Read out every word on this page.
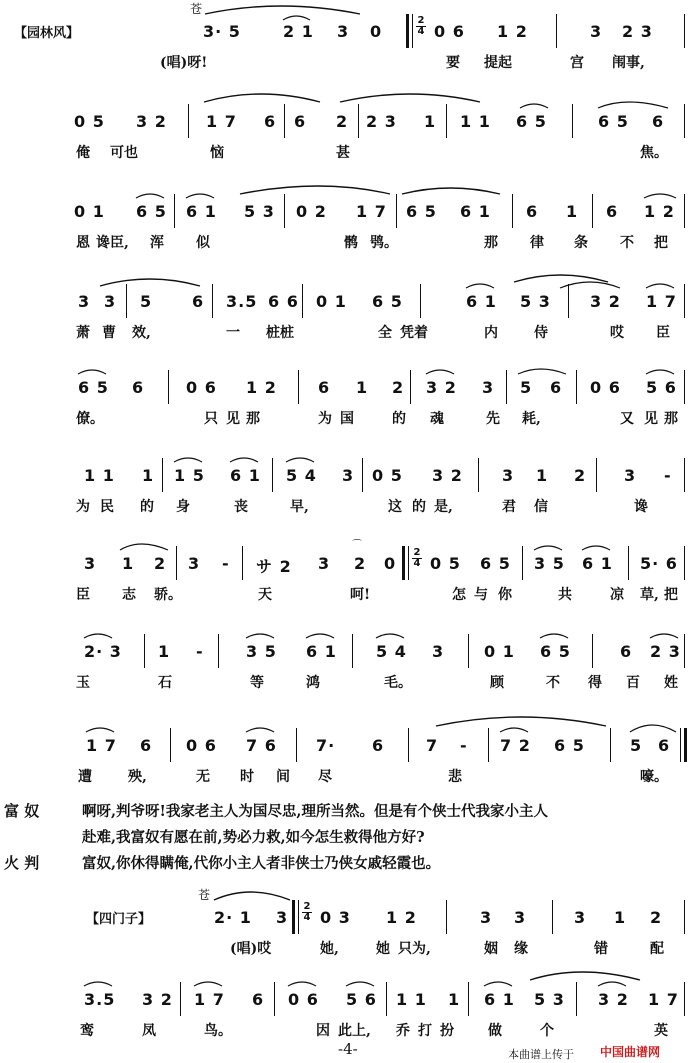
【园林风】
苍
3· 5	2 1 3 0
2
4 0 6 1 2	3 2 3
(唱)呀!	要 提起	宫 闱事,
0 5 3 2 1 7 6 6 2 2 3 1 1 1 6 5	6 5 6
俺 可也	恼	甚	焦。
0 1 6 5 6 1 5 3 0 2 1 7 6 5 6 1 6 1 6 1 2
恩 谗臣, 浑 似	鹘 鸮。	那 律 条 不 把
3 3 5 6 3.5 6 6 0 1 6 5	6 1 5 3 3 2 1 7
萧 曹 效,	一 桩桩	全 凭着	内	侍	哎 臣
6 5 6	0 6 1 2	6 1 2 3 2 3 5 6 0 6 5 6
僚。	只 见 那	为 国	的 魂	先 耗,	又 见 那
1 1 1 1 5 6 1 5 4 3 0 5 3 2 3 1 2 3 -
为 民 的 身	丧	早,	这 的 是,	君 信	谗
3 1 2 3 - サ 2 3 2 0
2
4 0 5 6 5 3 5 6 1 5· 6
⌒
臣 志 骄。	天	呵!	怎 与 你	共	凉 草, 把
2· 3 1 -	3 5 6 1 5 4 3 0 1 6 5	6 2 3
玉	石	等	鸿	毛。	顾	不 得 百 姓
1 7 6 0 6 7 6 7· 6	7 - 7 2 6 5	5 6
遭	殃,	无 时 间 尽	悲	嚎。
富 奴	啊呀,判爷呀!我家老主人为国尽忠,理所当然。但是有个侠士代我家小主人
赴难,我富奴有愿在前,势必力救,如今怎生救得他方好?
火 判	富奴,你休得瞒俺,代你小主人者非侠士乃侠女戚轻霞也。
【四门子】
苍
2· 1 3
2
4 0 3 1 2	3 3	3 1 2
(唱)哎	她,	她 只为,	姻 缘	错	配
3.5 3 2 1 7 6 0 6 5 6 1 1 1 6 1 5 3 3 2 1 7
鸾	凤	鸟。	因 此上, 乔 打 扮 做	个	英
-4-	本曲谱上传于 中国曲谱网
